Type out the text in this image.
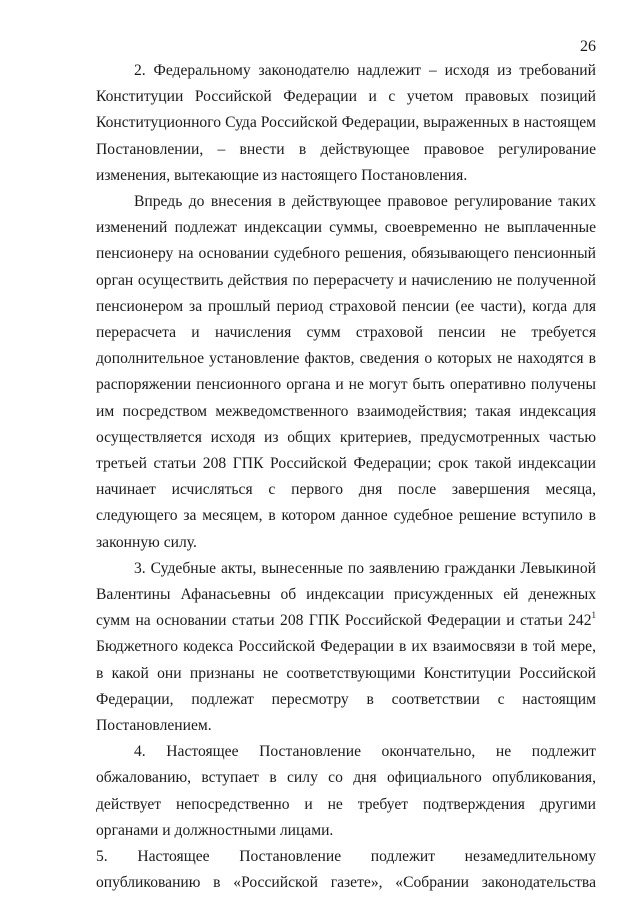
26

2. Федеральному законодателю надлежит – исходя из требований Конституции Российской Федерации и с учетом правовых позиций Конституционного Суда Российской Федерации, выраженных в настоящем Постановлении, – внести в действующее правовое регулирование изменения, вытекающие из настоящего Постановления.

Впредь до внесения в действующее правовое регулирование таких изменений подлежат индексации суммы, своевременно не выплаченные пенсионеру на основании судебного решения, обязывающего пенсионный орган осуществить действия по перерасчету и начислению не полученной пенсионером за прошлый период страховой пенсии (ее части), когда для перерасчета и начисления сумм страховой пенсии не требуется дополнительное установление фактов, сведения о которых не находятся в распоряжении пенсионного органа и не могут быть оперативно получены им посредством межведомственного взаимодействия; такая индексация осуществляется исходя из общих критериев, предусмотренных частью третьей статьи 208 ГПК Российской Федерации; срок такой индексации начинает исчисляться с первого дня после завершения месяца, следующего за месяцем, в котором данное судебное решение вступило в законную силу.

3. Судебные акты, вынесенные по заявлению гражданки Левыкиной Валентины Афанасьевны об индексации присужденных ей денежных сумм на основании статьи 208 ГПК Российской Федерации и статьи $242^1$ Бюджетного кодекса Российской Федерации в их взаимосвязи в той мере, в какой они признаны не соответствующими Конституции Российской Федерации, подлежат пересмотру в соответствии с настоящим Постановлением.

4. Настоящее Постановление окончательно, не подлежит обжалованию, вступает в силу со дня официального опубликования, действует непосредственно и не требует подтверждения другими органами и должностными лицами.

5. Настоящее Постановление подлежит незамедлительному опубликованию в «Российской газете», «Собрании законодательства
